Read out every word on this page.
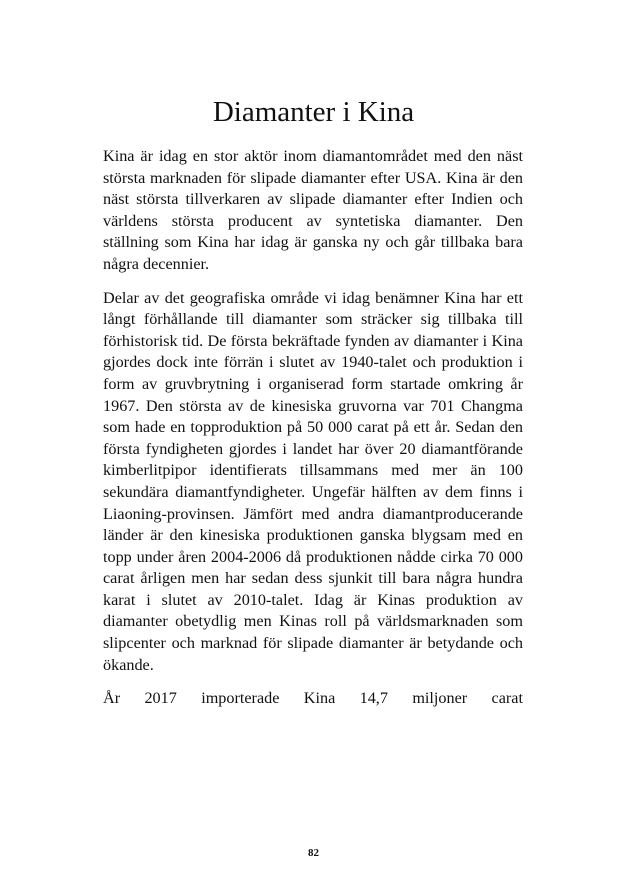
Diamanter i Kina

Kina är idag en stor aktör inom diamantområdet med den näst största marknaden för slipade diamanter efter USA. Kina är den näst största tillverkaren av slipade diamanter efter Indien och världens största producent av syntetiska diamanter. Den ställning som Kina har idag är ganska ny och går tillbaka bara några decennier.

Delar av det geografiska område vi idag benämner Kina har ett långt förhållande till diamanter som sträcker sig tillbaka till förhistorisk tid. De första bekräftade fynden av diamanter i Kina gjordes dock inte förrän i slutet av 1940-talet och produktion i form av gruvbrytning i organiserad form startade omkring år 1967. Den största av de kinesiska gruvorna var 701 Changma som hade en topproduktion på 50 000 carat på ett år. Sedan den första fyndigheten gjordes i landet har över 20 diamantförande kimberlitpipor identifierats tillsammans med mer än 100 sekundära diamantfyndigheter. Ungefär hälften av dem finns i Liaoning-provinsen. Jämfört med andra diamantproducerande länder är den kinesiska produktionen ganska blygsam med en topp under åren 2004-2006 då produktionen nådde cirka 70 000 carat årligen men har sedan dess sjunkit till bara några hundra karat i slutet av 2010-talet. Idag är Kinas produktion av diamanter obetydlig men Kinas roll på världsmarknaden som slipcenter och marknad för slipade diamanter är betydande och ökande.

År 2017 importerade Kina 14,7 miljoner carat

82
